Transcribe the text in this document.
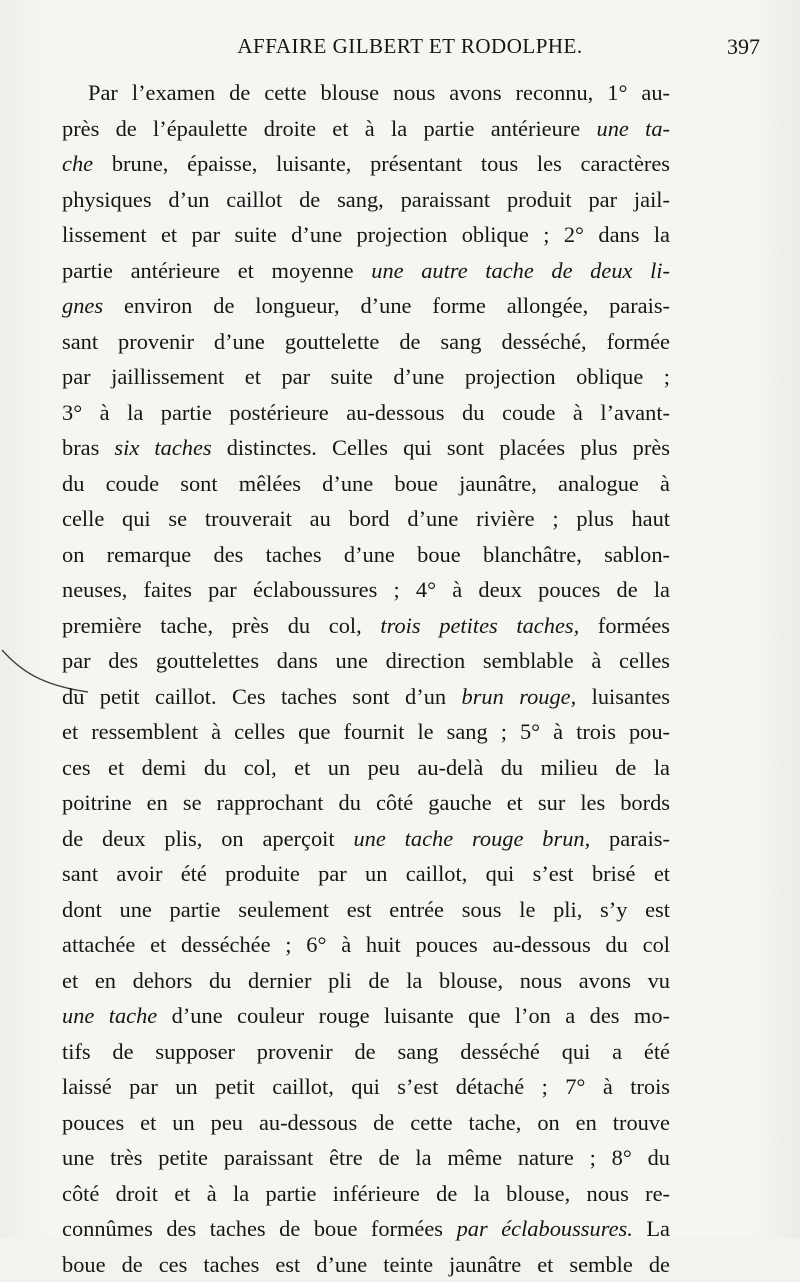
AFFAIRE GILBERT ET RODOLPHE.	397
Par l’examen de cette blouse nous avons reconnu, 1° au-
près de l’épaulette droite et à la partie antérieure une ta-
che brune, épaisse, luisante, présentant tous les caractères
physiques d’un caillot de sang, paraissant produit par jail-
lissement et par suite d’une projection oblique ; 2° dans la
partie antérieure et moyenne une autre tache de deux li-
gnes environ de longueur, d’une forme allongée, parais-
sant provenir d’une gouttelette de sang desséché, formée
par jaillissement et par suite d’une projection oblique ;
3° à la partie postérieure au-dessous du coude à l’avant-
bras six taches distinctes. Celles qui sont placées plus près
du coude sont mêlées d’une boue jaunâtre, analogue à
celle qui se trouverait au bord d’une rivière ; plus haut
on remarque des taches d’une boue blanchâtre, sablon-
neuses, faites par éclaboussures ; 4° à deux pouces de la
première tache, près du col, trois petites taches, formées
par des gouttelettes dans une direction semblable à celles
du petit caillot. Ces taches sont d’un brun rouge, luisantes
et ressemblent à celles que fournit le sang ; 5° à trois pou-
ces et demi du col, et un peu au-delà du milieu de la
poitrine en se rapprochant du côté gauche et sur les bords
de deux plis, on aperçoit une tache rouge brun, parais-
sant avoir été produite par un caillot, qui s’est brisé et
dont une partie seulement est entrée sous le pli, s’y est
attachée et desséchée ; 6° à huit pouces au-dessous du col
et en dehors du dernier pli de la blouse, nous avons vu
une tache d’une couleur rouge luisante que l’on a des mo-
tifs de supposer provenir de sang desséché qui a été
laissé par un petit caillot, qui s’est détaché ; 7° à trois
pouces et un peu au-dessous de cette tache, on en trouve
une très petite paraissant être de la même nature ; 8° du
côté droit et à la partie inférieure de la blouse, nous re-
connûmes des taches de boue formées par éclaboussures. La
boue de ces taches est d’une teinte jaunâtre et semble de
